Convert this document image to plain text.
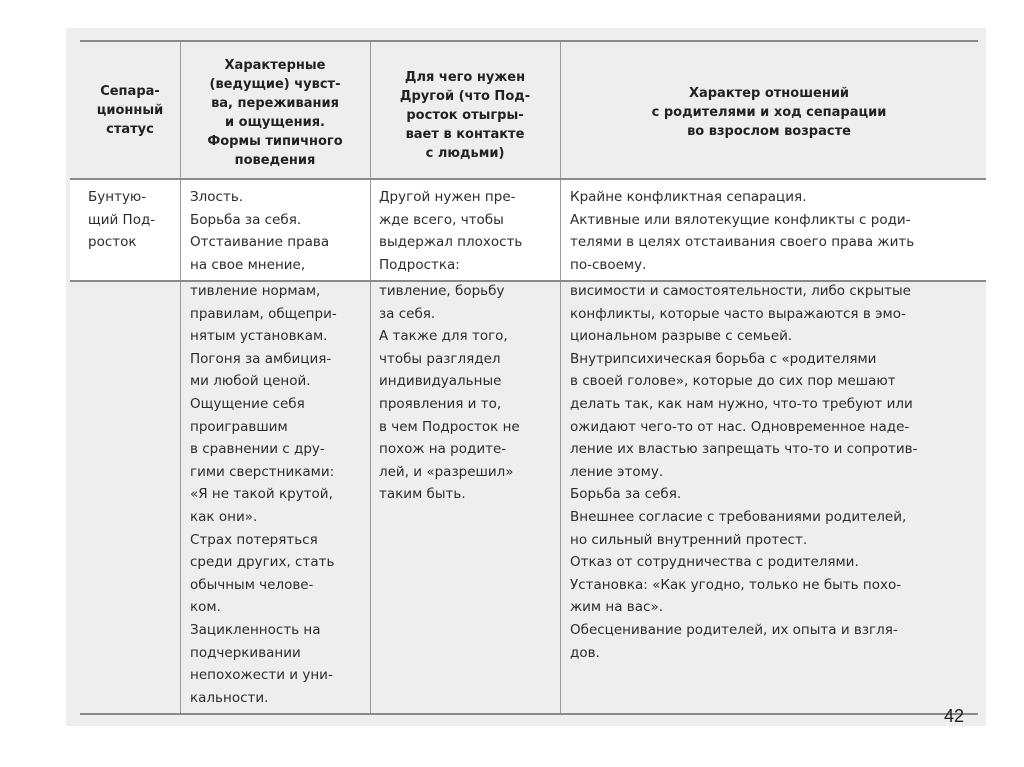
Сепара-
ционный
статус
Характерные
(ведущие) чувст-
ва, переживания
и ощущения.
Формы типичного
поведения
Для чего нужен
Другой (что Под-
росток отыгры-
вает в контакте
с людьми)
Характер отношений
с родителями и ход сепарации
во взрослом возрасте
тивление нормам,
правилам, общепри-
нятым установкам.
Погоня за амбиция-
ми любой ценой.
Ощущение себя
проигравшим
в сравнении с дру-
гими сверстниками:
«Я не такой крутой,
как они».
Страх потеряться
среди других, стать
обычным челове-
ком.
Зацикленность на
подчеркивании
непохожести и уни-
кальности.
тивление, борьбу
за себя.
А также для того,
чтобы разглядел
индивидуальные
проявления и то,
в чем Подросток не
похож на родите-
лей, и «разрешил»
таким быть.
висимости и самостоятельности, либо скрытые
конфликты, которые часто выражаются в эмо-
циональном разрыве с семьей.
Внутрипсихическая борьба с «родителями
в своей голове», которые до сих пор мешают
делать так, как нам нужно, что-то требуют или
ожидают чего-то от нас. Одновременное наде-
ление их властью запрещать что-то и сопротив-
ление этому.
Борьба за себя.
Внешнее согласие с требованиями родителей,
но сильный внутренний протест.
Отказ от сотрудничества с родителями.
Установка: «Как угодно, только не быть похо-
жим на вас».
Обесценивание родителей, их опыта и взгля-
дов.
Бунтую-
щий Под-
росток
Злость.
Борьба за себя.
Отстаивание права
на свое мнение,
Другой нужен пре-
жде всего, чтобы
выдержал плохость
Подростка:
Крайне конфликтная сепарация.
Активные или вялотекущие конфликты с роди-
телями в целях отстаивания своего права жить
по-своему.
42
